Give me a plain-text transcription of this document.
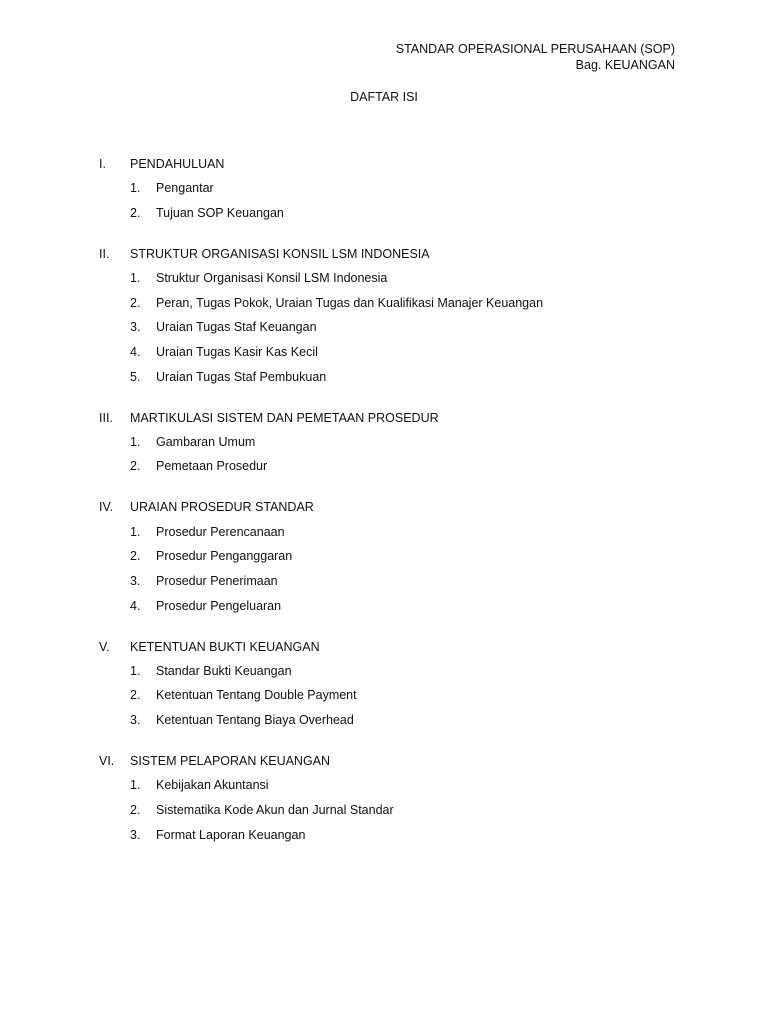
STANDAR OPERASIONAL PERUSAHAAN (SOP)
Bag. KEUANGAN
DAFTAR ISI
I.	PENDAHULUAN
1.	Pengantar
2.	Tujuan SOP Keuangan
II.	STRUKTUR ORGANISASI KONSIL LSM INDONESIA
1.	Struktur Organisasi Konsil LSM Indonesia
2.	Peran, Tugas Pokok, Uraian Tugas dan Kualifikasi Manajer Keuangan
3.	Uraian Tugas Staf Keuangan
4.	Uraian Tugas Kasir Kas Kecil
5.	Uraian Tugas Staf Pembukuan
III.	MARTIKULASI SISTEM DAN PEMETAAN PROSEDUR
1.	Gambaran Umum
2.	Pemetaan Prosedur
IV.	URAIAN PROSEDUR STANDAR
1.	Prosedur Perencanaan
2.	Prosedur Penganggaran
3.	Prosedur Penerimaan
4.	Prosedur Pengeluaran
V.	KETENTUAN BUKTI KEUANGAN
1.	Standar Bukti Keuangan
2.	Ketentuan Tentang Double Payment
3.	Ketentuan Tentang Biaya Overhead
VI.	SISTEM PELAPORAN KEUANGAN
1.	Kebijakan Akuntansi
2.	Sistematika Kode Akun dan Jurnal Standar
3.	Format Laporan Keuangan
